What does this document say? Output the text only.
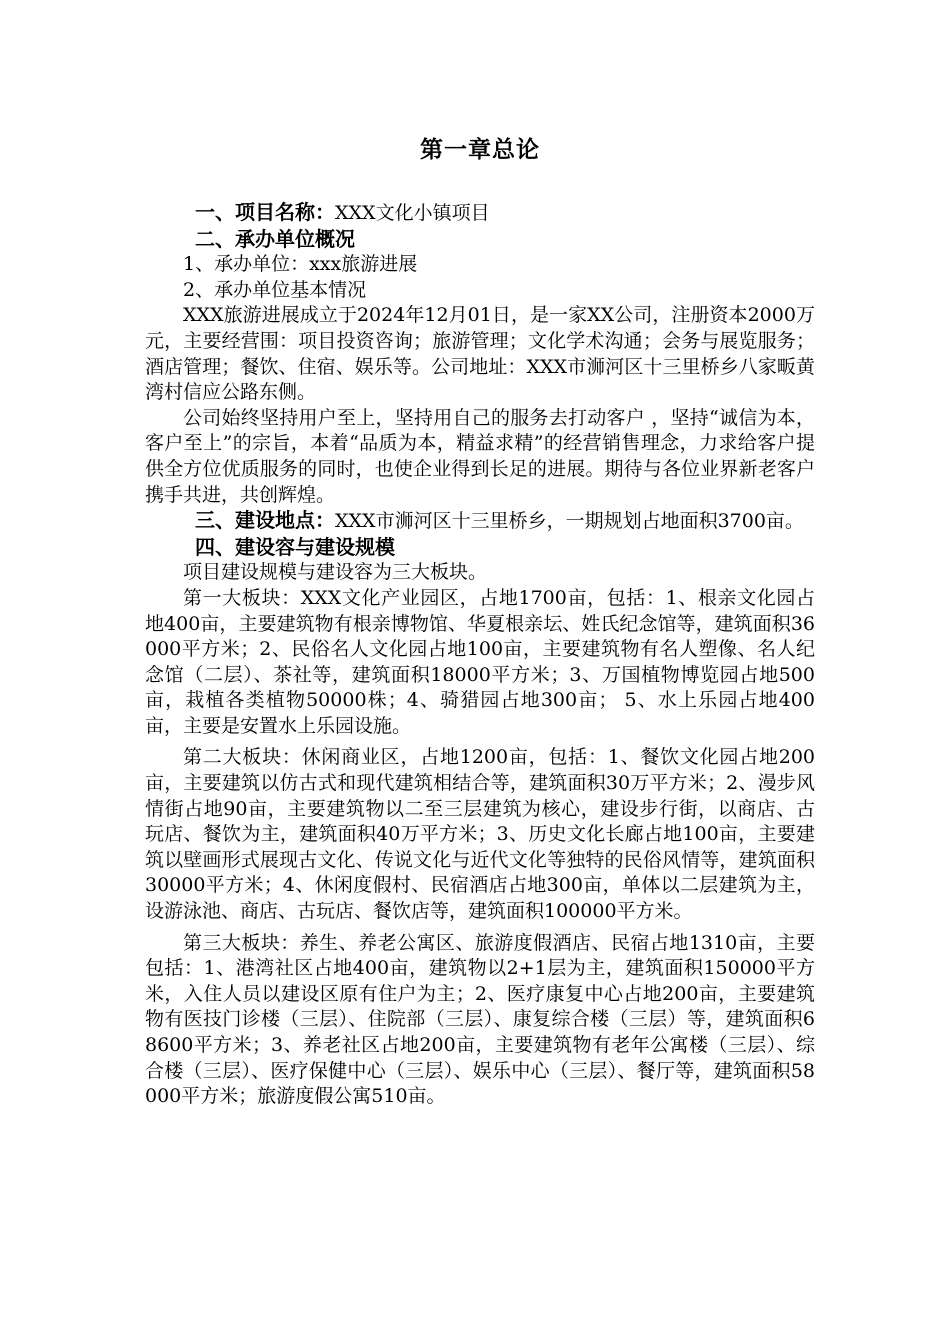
第一章总论

一、项目名称：XXX文化小镇项目

二、承办单位概况

1、承办单位：xxx旅游进展

2、承办单位基本情况

XXX旅游进展成立于2024年12月01日，是一家XX公司，注册资本2000万元，主要经营围：项目投资咨询；旅游管理；文化学术沟通；会务与展览服务；酒店管理；餐饮、住宿、娱乐等。公司地址：XXX市浉河区十三里桥乡八家畈黄湾村信应公路东侧。

公司始终坚持用户至上，坚持用自己的服务去打动客户 ，坚持“诚信为本，客户至上”的宗旨，本着“品质为本，精益求精”的经营销售理念，力求给客户提供全方位优质服务的同时，也使企业得到长足的进展。期待与各位业界新老客户携手共进，共创辉煌。

三、建设地点：XXX市浉河区十三里桥乡，一期规划占地面积3700亩。

四、建设容与建设规模

项目建设规模与建设容为三大板块。

第一大板块：XXX文化产业园区，占地1700亩，包括：1、根亲文化园占地400亩，主要建筑物有根亲博物馆、华夏根亲坛、姓氏纪念馆等，建筑面积36000平方米；2、民俗名人文化园占地100亩，主要建筑物有名人塑像、名人纪念馆（二层）、茶社等，建筑面积18000平方米；3、万国植物博览园占地500亩，栽植各类植物50000株；4、骑猎园占地300亩； 5、水上乐园占地400亩，主要是安置水上乐园设施。

第二大板块：休闲商业区，占地1200亩，包括：1、餐饮文化园占地200亩，主要建筑以仿古式和现代建筑相结合等，建筑面积30万平方米；2、漫步风情街占地90亩，主要建筑物以二至三层建筑为核心，建设步行街，以商店、古玩店、餐饮为主，建筑面积40万平方米；3、历史文化长廊占地100亩，主要建筑以壁画形式展现古文化、传说文化与近代文化等独特的民俗风情等，建筑面积30000平方米；4、休闲度假村、民宿酒店占地300亩，单体以二层建筑为主，设游泳池、商店、古玩店、餐饮店等，建筑面积100000平方米。

第三大板块：养生、养老公寓区、旅游度假酒店、民宿占地1310亩，主要包括：1、港湾社区占地400亩，建筑物以2+1层为主，建筑面积150000平方米，入住人员以建设区原有住户为主；2、医疗康复中心占地200亩，主要建筑物有医技门诊楼（三层）、住院部（三层）、康复综合楼（三层）等，建筑面积68600平方米；3、养老社区占地200亩，主要建筑物有老年公寓楼（三层）、综合楼（三层）、医疗保健中心（三层）、娱乐中心（三层）、餐厅等，建筑面积58000平方米；旅游度假公寓510亩。
